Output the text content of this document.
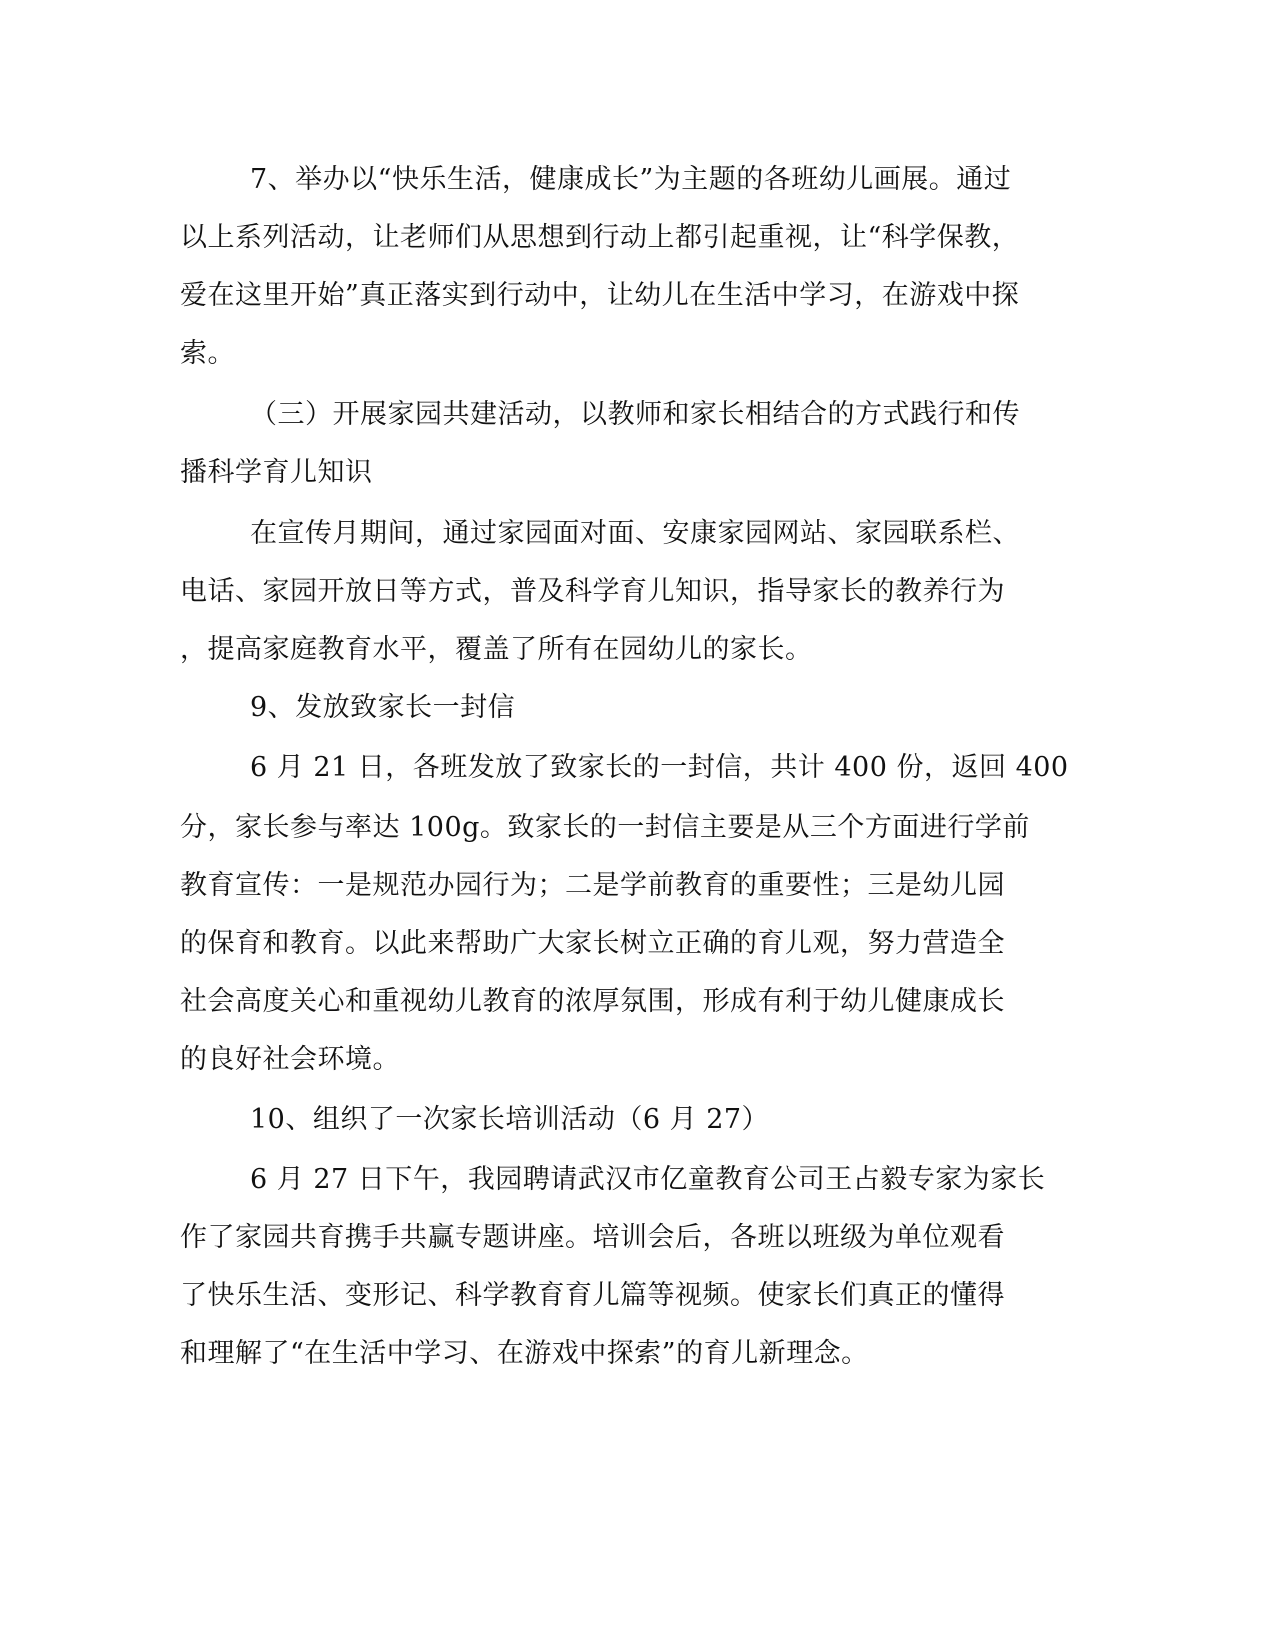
7、举办以“快乐生活，健康成长”为主题的各班幼儿画展。通过
以上系列活动，让老师们从思想到行动上都引起重视，让“科学保教，
爱在这里开始”真正落实到行动中，让幼儿在生活中学习，在游戏中探
索。
（三）开展家园共建活动，以教师和家长相结合的方式践行和传
播科学育儿知识
在宣传月期间，通过家园面对面、安康家园网站、家园联系栏、
电话、家园开放日等方式，普及科学育儿知识，指导家长的教养行为
，提高家庭教育水平，覆盖了所有在园幼儿的家长。
9、发放致家长一封信
6 月 21 日，各班发放了致家长的一封信，共计 400 份，返回 400
分，家长参与率达 100g。致家长的一封信主要是从三个方面进行学前
教育宣传：一是规范办园行为；二是学前教育的重要性；三是幼儿园
的保育和教育。以此来帮助广大家长树立正确的育儿观，努力营造全
社会高度关心和重视幼儿教育的浓厚氛围，形成有利于幼儿健康成长
的良好社会环境。
10、组织了一次家长培训活动（6 月 27）
6 月 27 日下午，我园聘请武汉市亿童教育公司王占毅专家为家长
作了家园共育携手共赢专题讲座。培训会后，各班以班级为单位观看
了快乐生活、变形记、科学教育育儿篇等视频。使家长们真正的懂得
和理解了“在生活中学习、在游戏中探索”的育儿新理念。
